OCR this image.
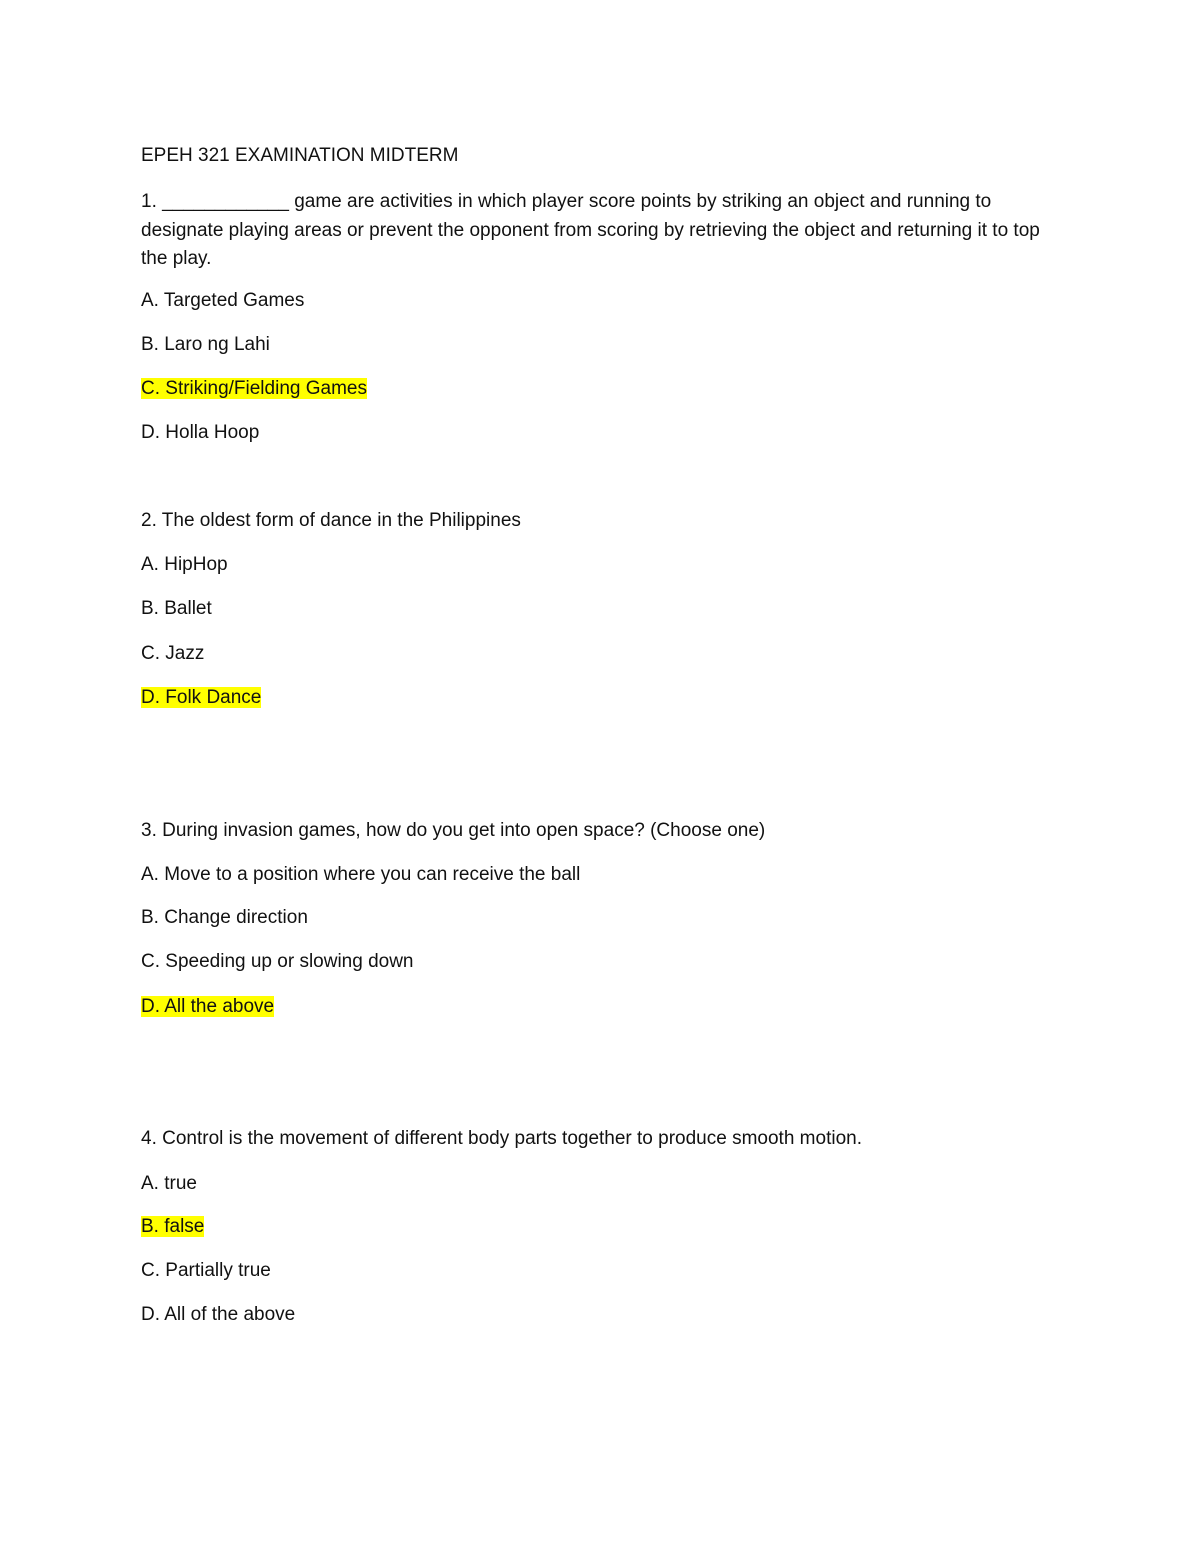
EPEH 321 EXAMINATION MIDTERM
1. ____________ game are activities in which player score points by striking an object and running to designate playing areas or prevent the opponent from scoring by retrieving the object and returning it to top the play.
A. Targeted Games
B. Laro ng Lahi
C. Striking/Fielding Games
D. Holla Hoop
2. The oldest form of dance in the Philippines
A. HipHop
B. Ballet
C. Jazz
D. Folk Dance
3. During invasion games, how do you get into open space? (Choose one)
A. Move to a position where you can receive the ball
B. Change direction
C. Speeding up or slowing down
D. All the above
4. Control is the movement of different body parts together to produce smooth motion.
A. true
B. false
C. Partially true
D. All of the above
